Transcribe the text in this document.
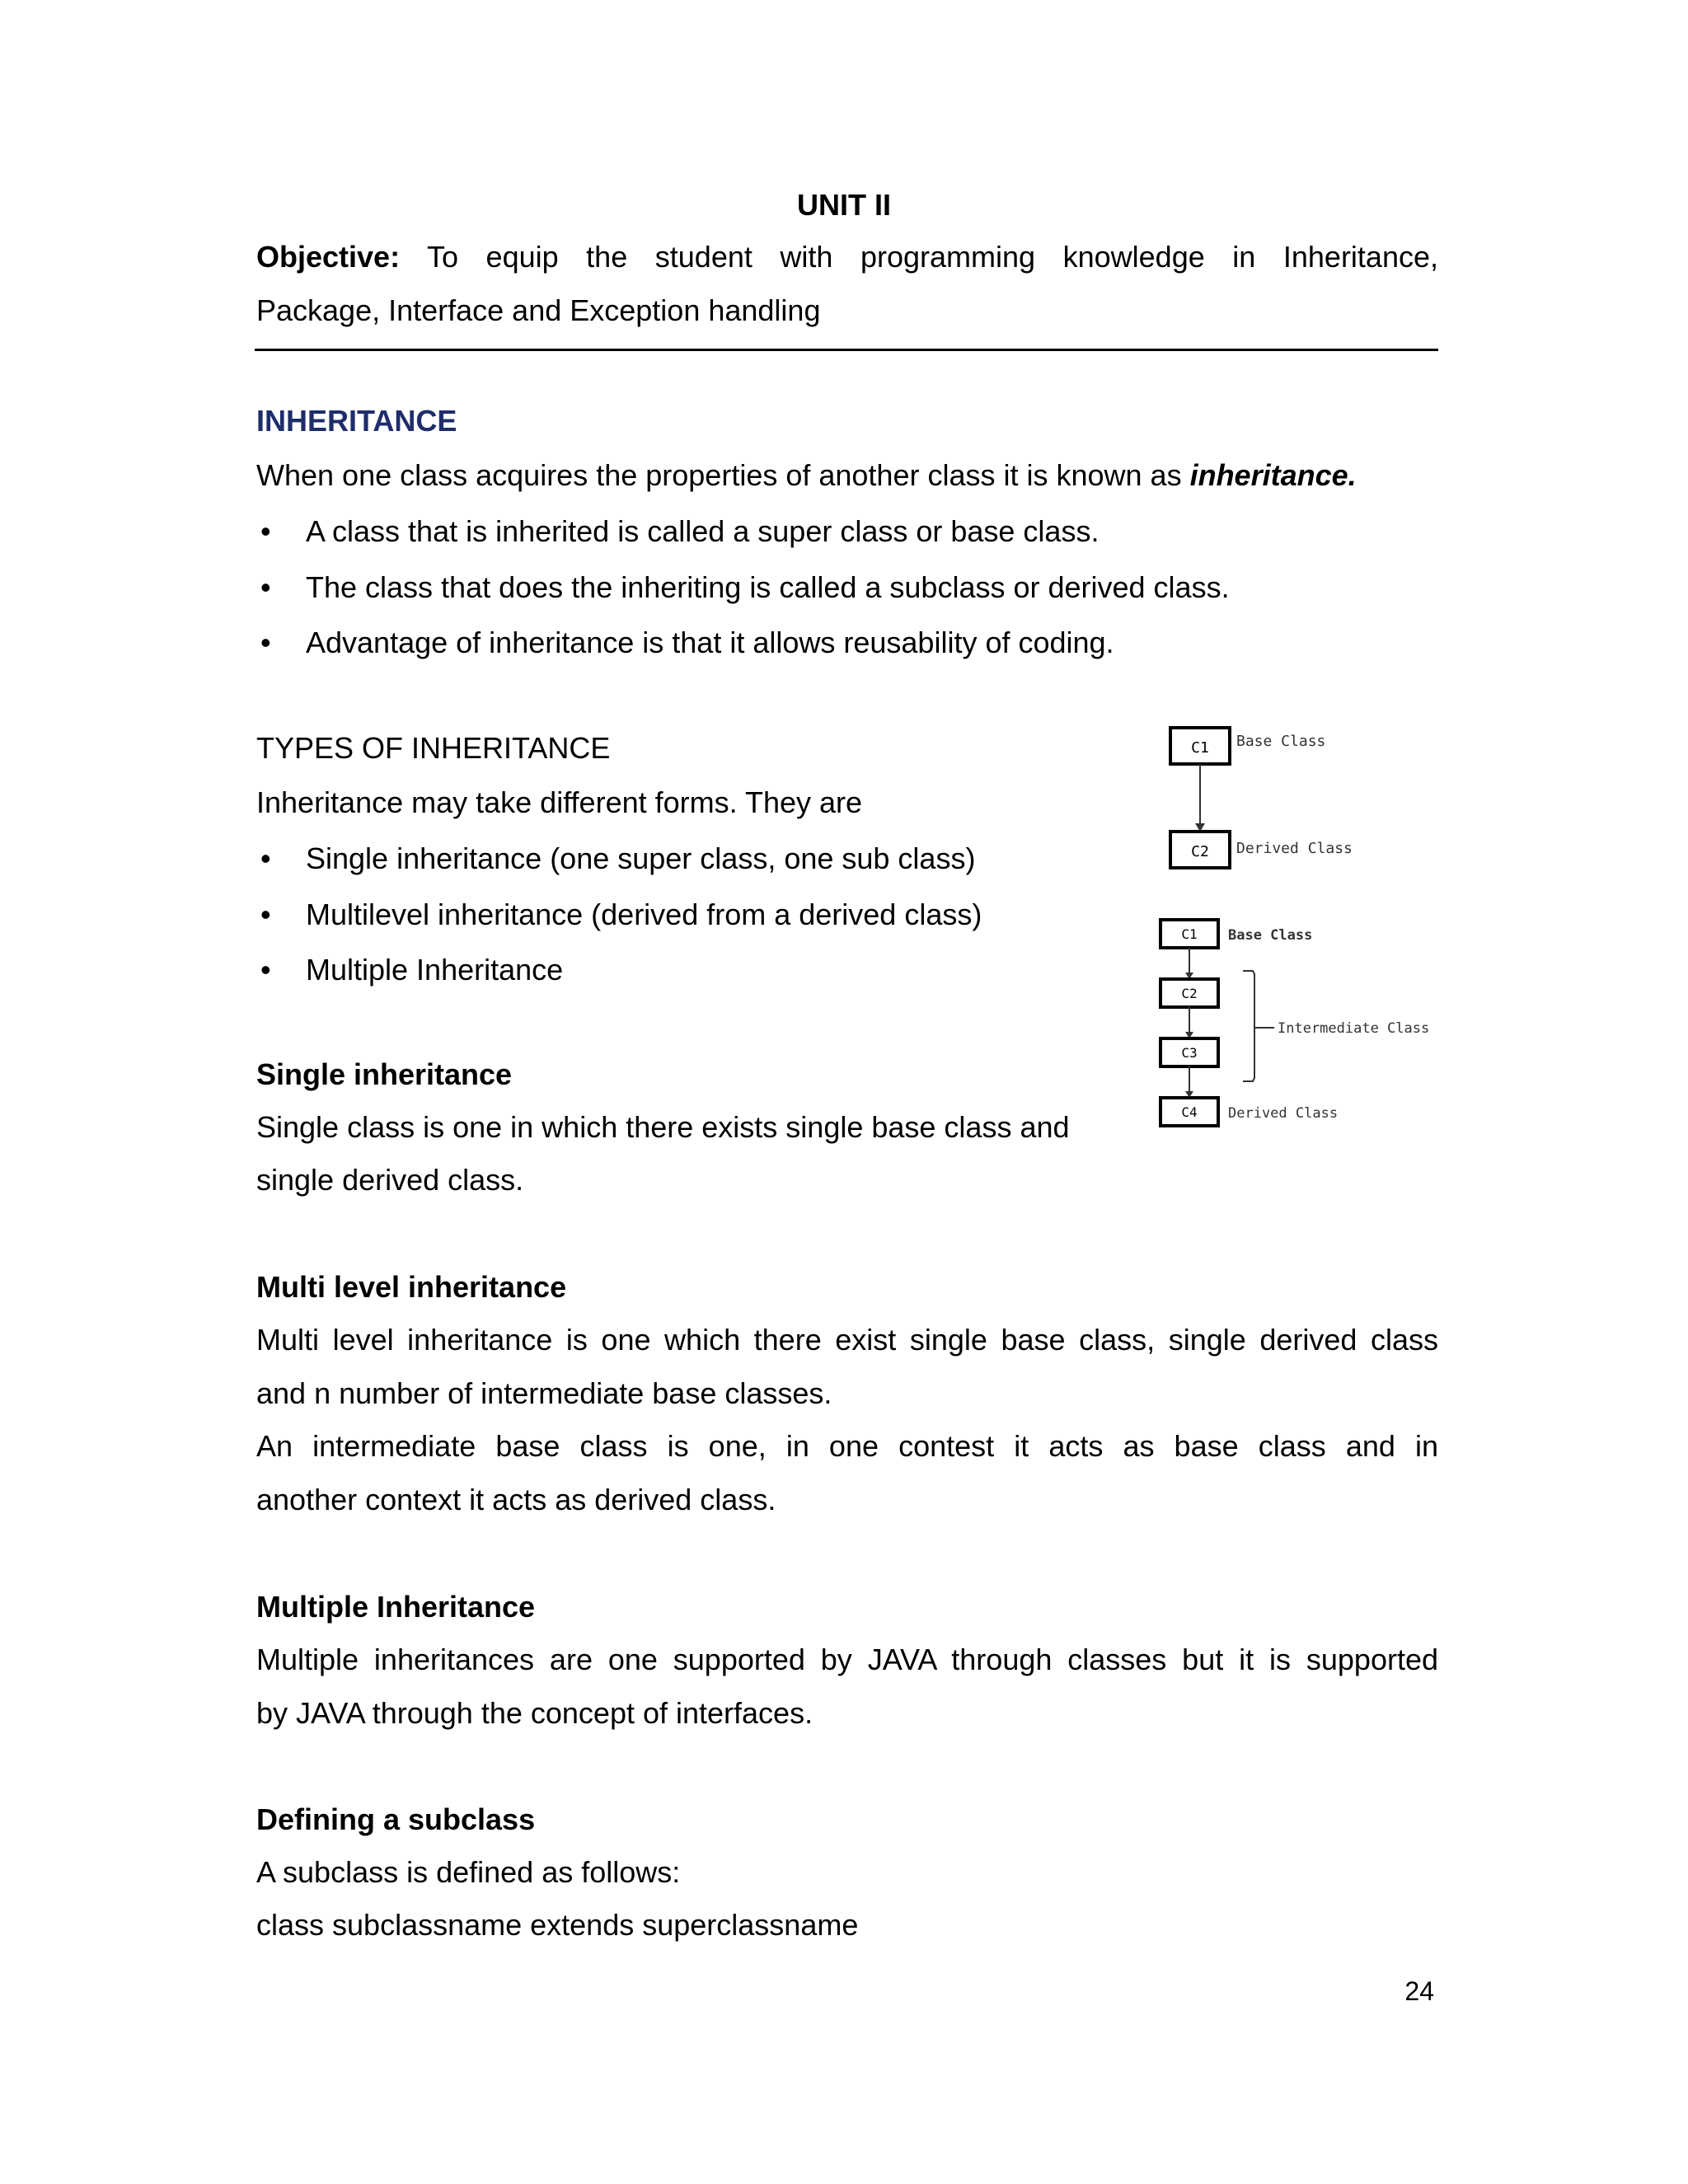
UNIT II
Objective: To equip the student with programming knowledge in Inheritance,
Package, Interface and Exception handling
INHERITANCE
When one class acquires the properties of another class it is known as inheritance.
• A class that is inherited is called a super class or base class.
• The class that does the inheriting is called a subclass or derived class.
• Advantage of inheritance is that it allows reusability of coding.
TYPES OF INHERITANCE
Inheritance may take different forms. They are
• Single inheritance (one super class, one sub class)
• Multilevel inheritance (derived from a derived class)
• Multiple Inheritance
C1
C2
Base Class
Derived Class
C1
C2
C3
C4
Base Class
Intermediate Class
Derived Class
Single inheritance
Single class is one in which there exists single base class and
single derived class.
Multi level inheritance
Multi level inheritance is one which there exist single base class, single derived class
and n number of intermediate base classes.
An intermediate base class is one, in one contest it acts as base class and in
another context it acts as derived class.
Multiple Inheritance
Multiple inheritances are one supported by JAVA through classes but it is supported
by JAVA through the concept of interfaces.
Defining a subclass
A subclass is defined as follows:
class subclassname extends superclassname
24
